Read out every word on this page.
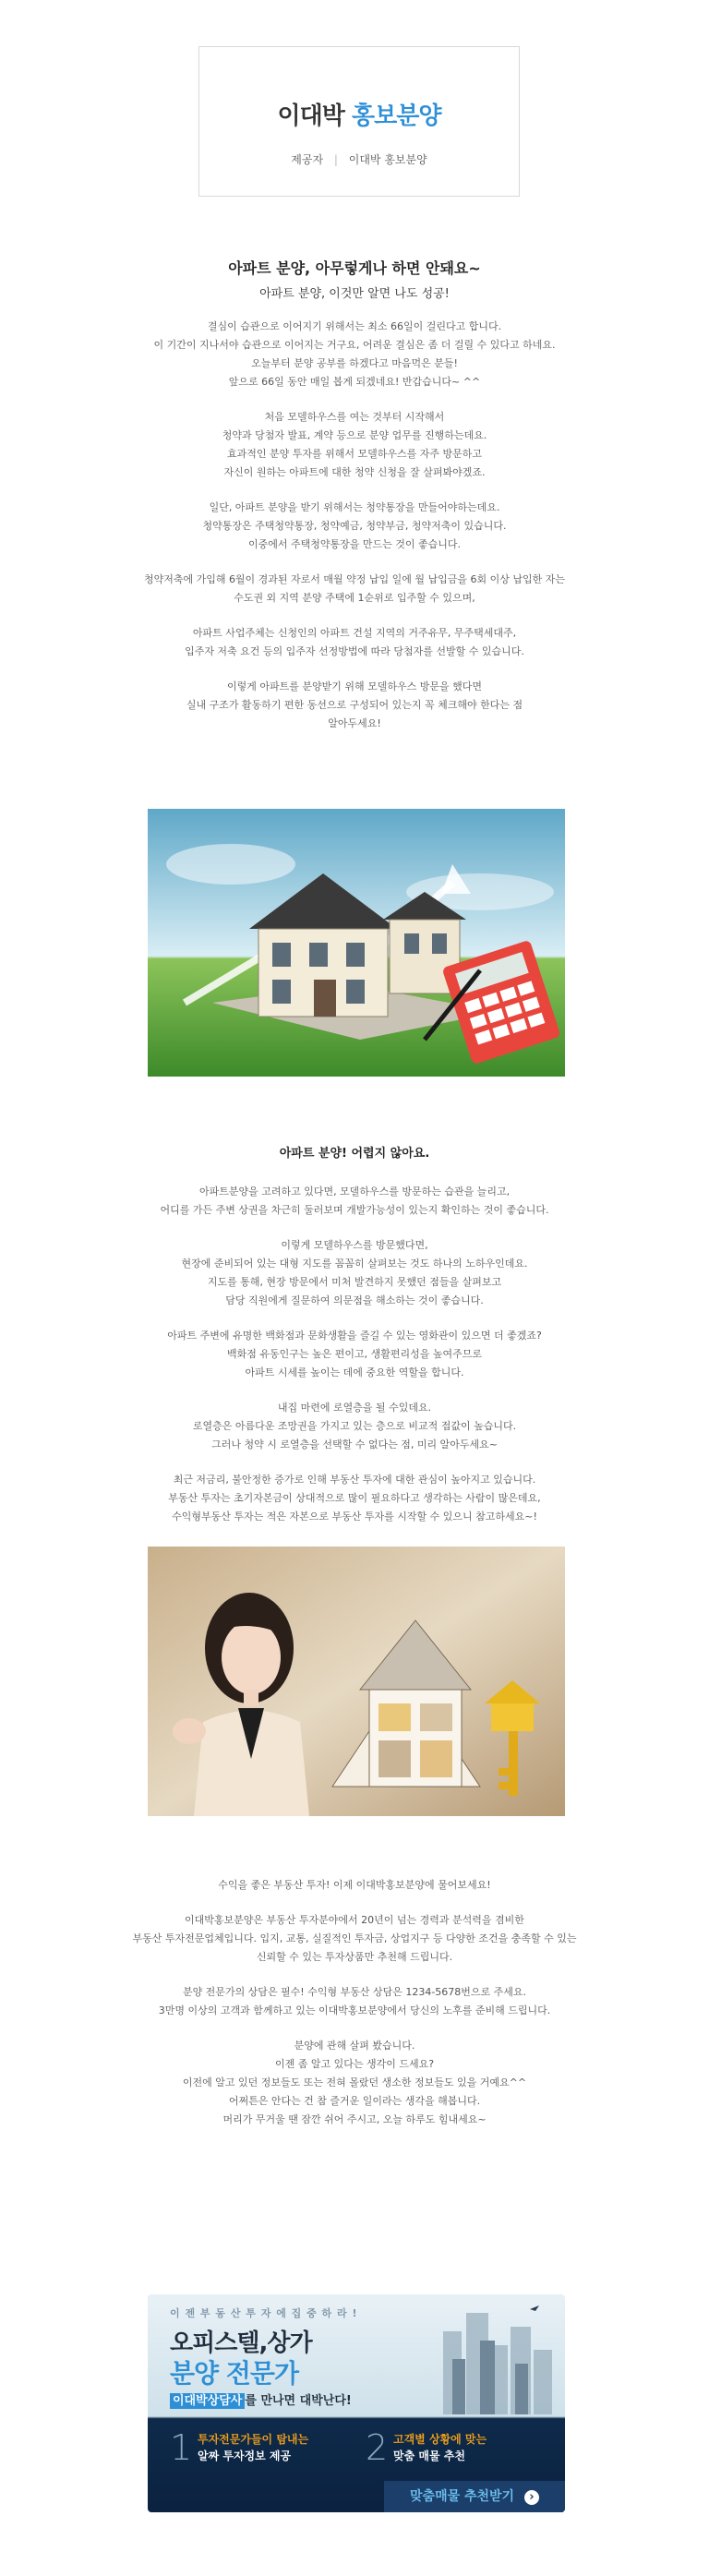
이대박 홍보분양
제공자 | 이대박 홍보분양
아파트 분양, 아무렇게나 하면 안돼요~
아파트 분양, 이것만 알면 나도 성공!
결심이 습관으로 이어지기 위해서는 최소 66일이 걸린다고 합니다.
이 기간이 지나서야 습관으로 이어지는 거구요, 어려운 결심은 좀 더 걸릴 수 있다고 하네요.
오늘부터 분양 공부를 하겠다고 마음먹은 분들!
앞으로 66일 동안 매일 봅게 되겠네요! 반갑습니다~ ^^
처음 모델하우스를 여는 것부터 시작해서
청약과 당첨자 발표, 계약 등으로 분양 업무를 진행하는데요.
효과적인 분양 투자를 위해서 모델하우스를 자주 방문하고
자신이 원하는 아파트에 대한 청약 신청을 잘 살펴봐야겠죠.
일단, 아파트 분양을 받기 위해서는 청약통장을 만들어야하는데요.
청약통장은 주택청약통장, 청약예금, 청약부금, 청약저축이 있습니다.
이중에서 주택청약통장을 만드는 것이 좋습니다.
청약저축에 가입해 6월이 경과된 자로서 매월 약정 납입 일에 월 납입금을 6회 이상 납입한 자는
수도권 외 지역 분양 주택에 1순위로 입주할 수 있으며,
아파트 사업주체는 신청인의 아파트 건설 지역의 거주유무, 무주택세대주,
입주자 저축 요건 등의 입주자 선정방법에 따라 당첨자를 선발할 수 있습니다.
이렇게 아파트를 분양받기 위해 모델하우스 방문을 했다면
실내 구조가 활동하기 편한 동선으로 구성되어 있는지 꼭 체크해야 한다는 점
알아두세요!
아파트 분양! 어렵지 않아요.
아파트분양을 고려하고 있다면, 모델하우스를 방문하는 습관을 늘리고,
어디를 가든 주변 상권을 차근히 둘러보며 개발가능성이 있는지 확인하는 것이 좋습니다.
이렇게 모델하우스를 방문했다면,
현장에 준비되어 있는 대형 지도를 꼼꼼히 살펴보는 것도 하나의 노하우인데요.
지도를 통해, 현장 방문에서 미처 발견하지 못했던 점들을 살펴보고
담당 직원에게 질문하여 의문점을 해소하는 것이 좋습니다.
아파트 주변에 유명한 백화점과 문화생활을 즐길 수 있는 영화관이 있으면 더 좋겠죠?
백화점 유동인구는 높은 편이고, 생활편리성을 높여주므로
아파트 시세를 높이는 데에 중요한 역할을 합니다.
내집 마련에 로열층을 될 수있데요.
로열층은 아름다운 조망권을 가지고 있는 층으로 비교적 접값이 높습니다.
그러나 청약 시 로열층을 선택할 수 없다는 점, 미리 알아두세요~
최근 저금리, 불안정한 증가로 인해 부동산 투자에 대한 관심이 높아지고 있습니다.
부동산 투자는 초기자본금이 상대적으로 많이 필요하다고 생각하는 사람이 많은데요,
수익형부동산 투자는 적은 자본으로 부동산 투자를 시작할 수 있으니 참고하세요~!
수익을 좋은 부동산 투자! 이제 이대박홍보분양에 물어보세요!
이대박홍보분양은 부동산 투자분야에서 20년이 넘는 경력과 분석력을 겸비한
부동산 투자전문업체입니다. 입지, 교통, 실질적인 투자금, 상업지구 등 다양한 조건을 충족할 수 있는
신뢰할 수 있는 투자상품만 추천해 드립니다.
분양 전문가의 상담은 필수! 수익형 부동산 상담은 1234-5678번으로 주세요.
3만명 이상의 고객과 함께하고 있는 이대박홍보분양에서 당신의 노후를 준비해 드립니다.
분양에 관해 살펴 봤습니다.
이젠 좀 알고 있다는 생각이 드세요?
이전에 알고 있던 정보들도 또는 전혀 몰랐던 생소한 정보들도 있을 거예요^^
어쩌튼은 안다는 건 참 즐거운 일이라는 생각을 해봅니다.
머리가 무거울 땐 잠깐 쉬어 주시고, 오늘 하루도 힘내세요~
이 젠 부 동 산 투 자 에 집 중 하 라 !
오피스텔,상가
분양 전문가
이대박상담사 를 만나면 대박난다!
1 투자전문가들이 탐내는
알짜 투자정보 제공 2 고객별 상황에 맞는
맞춤 매물 추천
맞춤매물 추천받기 ›
